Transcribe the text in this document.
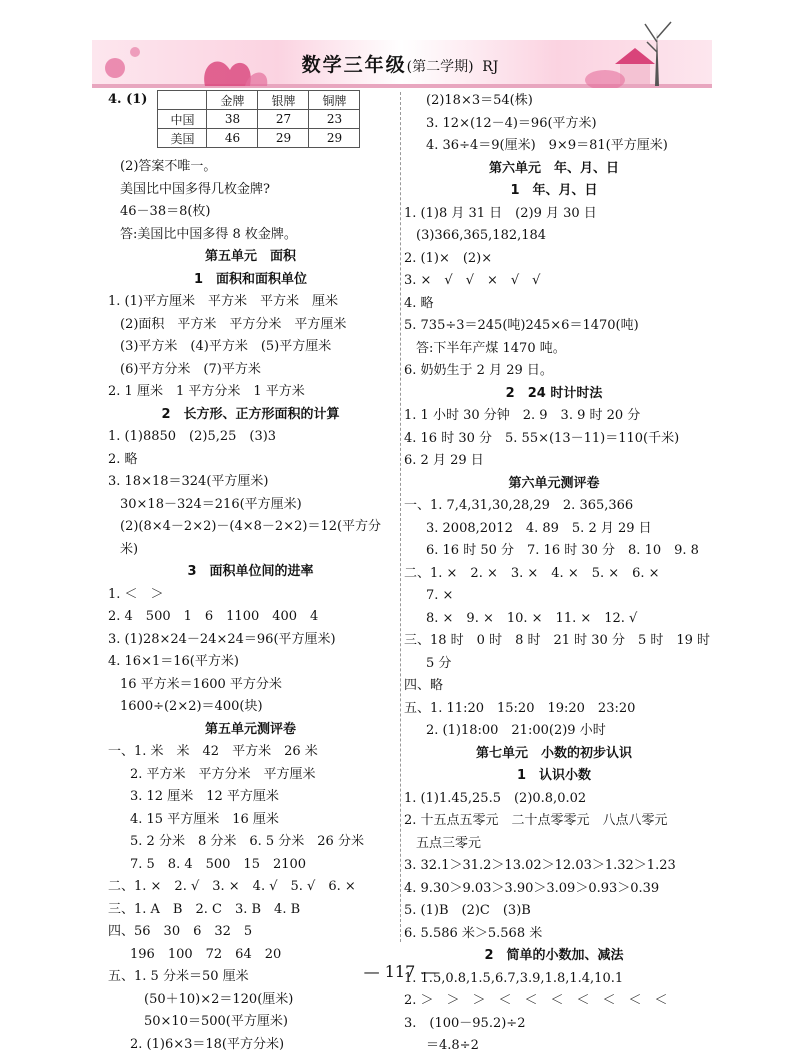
数学三年级(第二学期) RJ
4. (1)
		金牌	银牌	铜牌
中国	38	27	23
美国	46	29	29
(2)答案不唯一。
美国比中国多得几枚金牌?
46－38＝8(枚)
答:美国比中国多得 8 枚金牌。
第五单元　面积
1　面积和面积单位
1. (1)平方厘米　平方米　平方米　厘米
(2)面积　平方米　平方分米　平方厘米
(3)平方米　(4)平方米　(5)平方厘米
(6)平方分米　(7)平方米
2. 1 厘米　1 平方分米　1 平方米
2　长方形、正方形面积的计算
1. (1)8850　(2)5,25　(3)3
2. 略
3. 18×18＝324(平方厘米)
30×18－324＝216(平方厘米)
(2)(8×4－2×2)－(4×8－2×2)＝12(平方分
米)
3　面积单位间的进率
1. ＜　＞
2. 4　500　1　6　1100　400　4
3. (1)28×24－24×24＝96(平方厘米)
4. 16×1＝16(平方米)
16 平方米＝1600 平方分米
1600÷(2×2)＝400(块)
第五单元测评卷
一、1. 米　米　42　平方米　26 米
2. 平方米　平方分米　平方厘米
3. 12 厘米　12 平方厘米
4. 15 平方厘米　16 厘米
5. 2 分米　8 分米　6. 5 分米　26 分米
7. 5　8. 4　500　15　2100
二、1. ×　2. √　3. ×　4. √　5. √　6. ×
三、1. A　B　2. C　3. B　4. B
四、56　30　6　32　5
196　100　72　64　20
五、1. 5 分米＝50 厘米
(50＋10)×2＝120(厘米)
50×10＝500(平方厘米)
2. (1)6×3＝18(平方分米)
(2)18×3＝54(株)
3. 12×(12－4)＝96(平方米)
4. 36÷4＝9(厘米)　9×9＝81(平方厘米)
第六单元　年、月、日
1　年、月、日
1. (1)8 月 31 日　(2)9 月 30 日
(3)366,365,182,184
2. (1)×　(2)×
3. ×　√　√　×　√　√
4. 略
5. 735÷3＝245(吨)245×6＝1470(吨)
答:下半年产煤 1470 吨。
6. 奶奶生于 2 月 29 日。
2　24 时计时法
1. 1 小时 30 分钟　2. 9　3. 9 时 20 分
4. 16 时 30 分　5. 55×(13－11)＝110(千米)
6. 2 月 29 日
第六单元测评卷
一、1. 7,4,31,30,28,29　2. 365,366
3. 2008,2012　4. 89　5. 2 月 29 日
6. 16 时 50 分　7. 16 时 30 分　8. 10　9. 8
二、1. ×　2. ×　3. ×　4. ×　5. ×　6. ×
7. ×
8. ×　9. ×　10. ×　11. ×　12. √
三、18 时　0 时　8 时　21 时 30 分　5 时　19 时
5 分
四、略
五、1. 11:20　15:20　19:20　23:20
2. (1)18:00　21:00(2)9 小时
第七单元　小数的初步认识
1　认识小数
1. (1)1.45,25.5　(2)0.8,0.02
2. 十五点五零元　二十点零零元　八点八零元
五点三零元
3. 32.1＞31.2＞13.02＞12.03＞1.32＞1.23
4. 9.30＞9.03＞3.90＞3.09＞0.93＞0.39
5. (1)B　(2)C　(3)B
6. 5.586 米＞5.568 米
2　简单的小数加、减法
1. 1.5,0.8,1.5,6.7,3.9,1.8,1.4,10.1
2. ＞　＞　＞　＜　＜　＜　＜　＜　＜　＜
3.　(100－95.2)÷2
＝4.8÷2
— 117 —
